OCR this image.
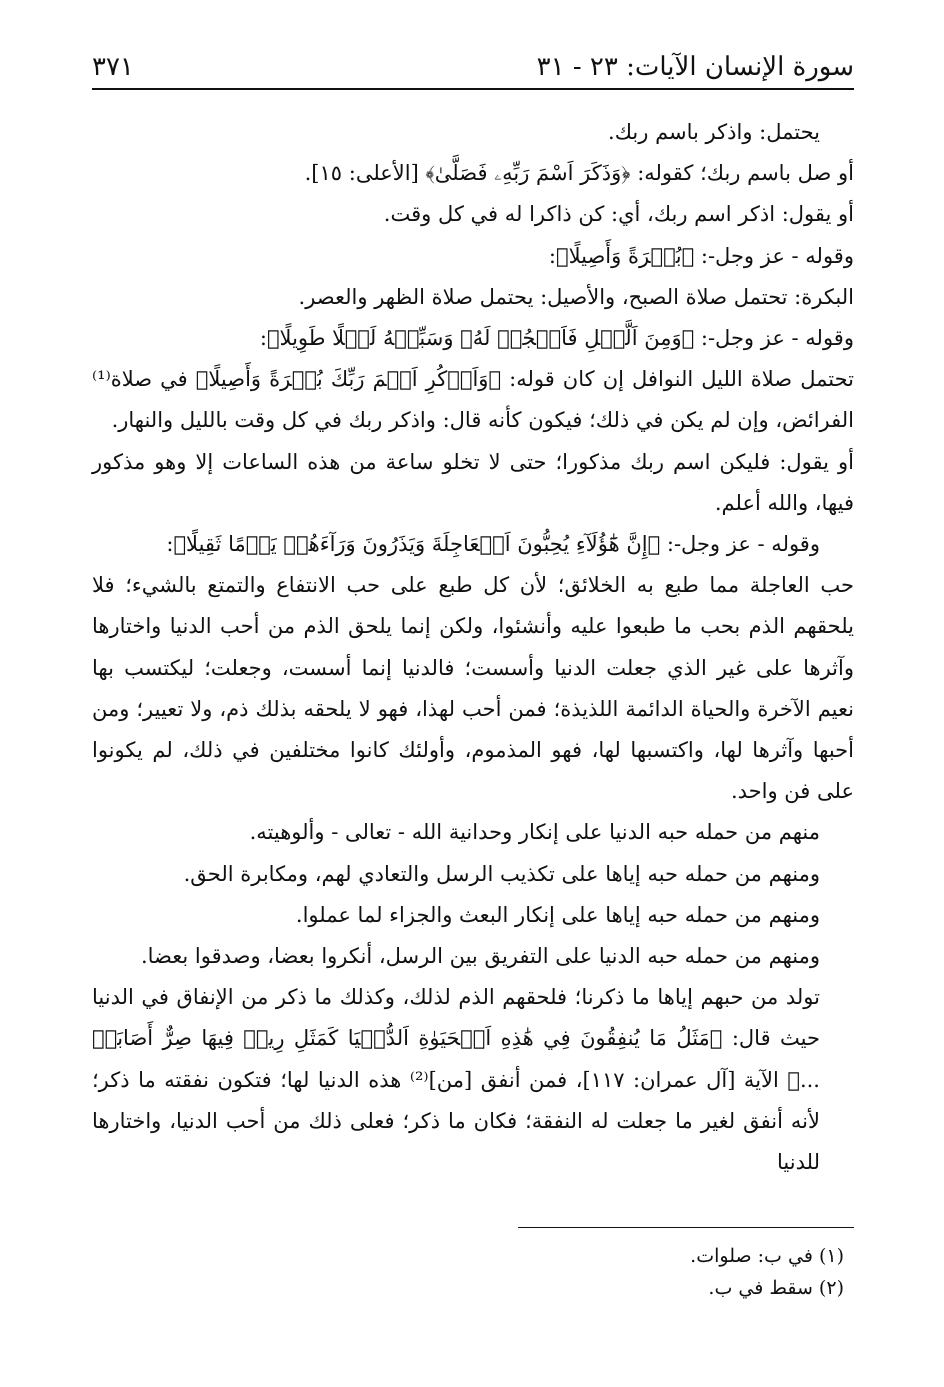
سورة الإنسان الآيات: ٢٣ - ٣١
٣٧١

يحتمل: واذكر باسم ربك.

أو صل باسم ربك؛ كقوله: ﴿وَذَكَرَ اَسْمَ رَبِّهِۦ فَصَلَّىٰ﴾ [الأعلى: ١٥].

أو يقول: اذكر اسم ربك، أي: كن ذاكرا له في كل وقت.

وقوله - عز وجل-: ﴿بُكۡرَةً وَأَصِيلًا﴾:

البكرة: تحتمل صلاة الصبح، والأصيل: يحتمل صلاة الظهر والعصر.

وقوله - عز وجل-: ﴿وَمِنَ اَلَّيۡلِ فَاَسۡجُدۡ لَهُۥ وَسَبِّحۡهُ لَيۡلًا طَوِيلًا﴾:

تحتمل صلاة الليل النوافل إن كان قوله: ﴿وَاَذۡكُرِ اَسۡمَ رَبِّكَ بُكۡرَةً وَأَصِيلًا﴾ في صلاة⁽¹⁾ الفرائض، وإن لم يكن في ذلك؛ فيكون كأنه قال: واذكر ربك في كل وقت بالليل والنهار.

أو يقول: فليكن اسم ربك مذكورا؛ حتى لا تخلو ساعة من هذه الساعات إلا وهو مذكور فيها، والله أعلم.

وقوله - عز وجل-: ﴿إِنَّ هَٰٓؤُلَآءِ يُحِبُّونَ اَلۡعَاجِلَةَ وَيَذَرُونَ وَرَآءَهُمۡ يَوۡمًا ثَقِيلًا﴾:

حب العاجلة مما طبع به الخلائق؛ لأن كل طبع على حب الانتفاع والتمتع بالشيء؛ فلا يلحقهم الذم بحب ما طبعوا عليه وأنشئوا، ولكن إنما يلحق الذم من أحب الدنيا واختارها وآثرها على غير الذي جعلت الدنيا وأسست؛ فالدنيا إنما أسست، وجعلت؛ ليكتسب بها نعيم الآخرة والحياة الدائمة اللذيذة؛ فمن أحب لهذا، فهو لا يلحقه بذلك ذم، ولا تعيير؛ ومن أحبها وآثرها لها، واكتسبها لها، فهو المذموم، وأولئك كانوا مختلفين في ذلك، لم يكونوا على فن واحد.

منهم من حمله حبه الدنيا على إنكار وحدانية الله - تعالى - وألوهيته.

ومنهم من حمله حبه إياها على تكذيب الرسل والتعادي لهم، ومكابرة الحق.

ومنهم من حمله حبه إياها على إنكار البعث والجزاء لما عملوا.

ومنهم من حمله حبه الدنيا على التفريق بين الرسل، أنكروا بعضا، وصدقوا بعضا.

تولد من حبهم إياها ما ذكرنا؛ فلحقهم الذم لذلك، وكذلك ما ذكر من الإنفاق في الدنيا حيث قال: ﴿مَثَلُ مَا يُنفِقُونَ فِي هَٰذِهِ اَلۡحَيَوٰةِ اَلدُّنۡيَا كَمَثَلِ رِيحٖ فِيهَا صِرٌّ أَصَابَتۡ ...﴾ الآية [آل عمران: ١١٧]، فمن أنفق [من]⁽²⁾ هذه الدنيا لها؛ فتكون نفقته ما ذكر؛ لأنه أنفق لغير ما جعلت له النفقة؛ فكان ما ذكر؛ فعلى ذلك من أحب الدنيا، واختارها للدنيا

(١) في ب: صلوات.

(٢) سقط في ب.
